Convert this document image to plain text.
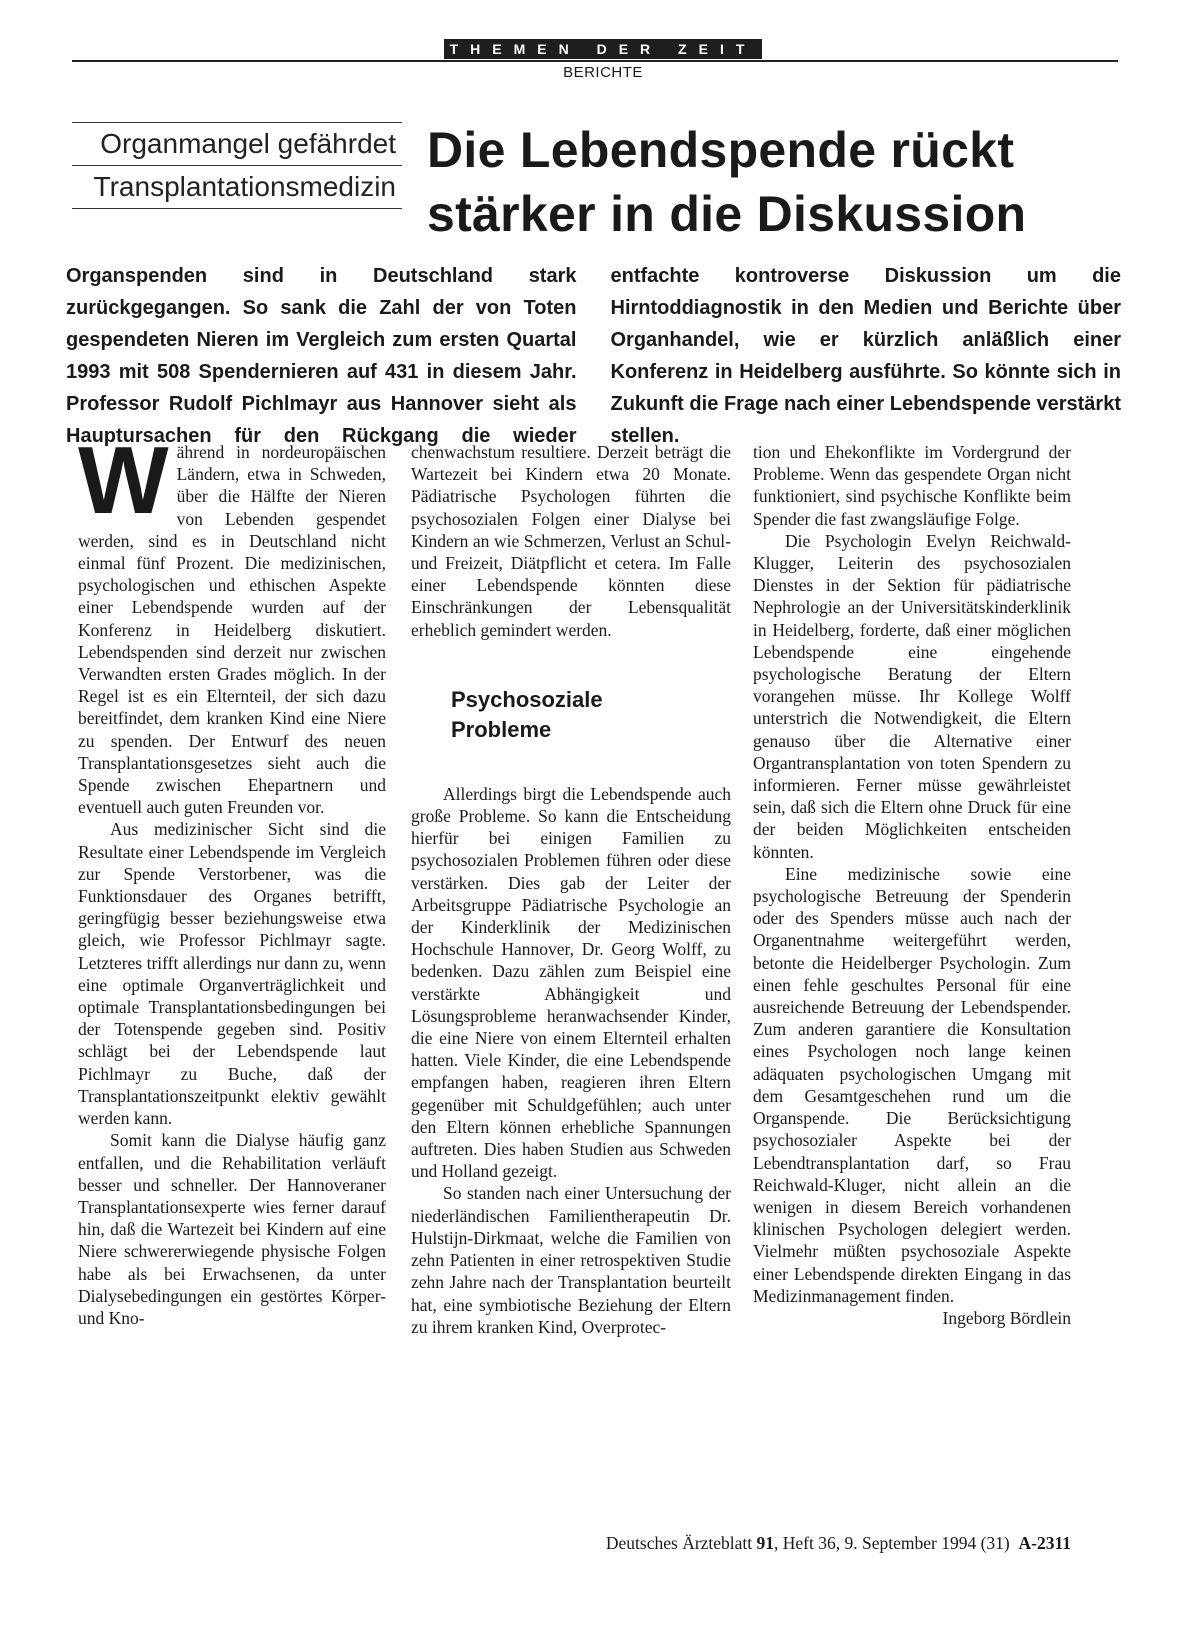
THEMEN DER ZEIT
BERICHTE
Organmangel gefährdet
Transplantationsmedizin
Die Lebendspende rückt
stärker in die Diskussion

Organspenden sind in Deutschland stark zurückgegangen. So sank die Zahl der von Toten gespendeten Nieren im Vergleich zum ersten Quartal 1993 mit 508 Spendernieren auf 431 in diesem Jahr. Professor Rudolf Pichlmayr aus Hannover sieht als Hauptursachen für den Rückgang die wieder entfachte kontroverse Diskussion um die Hirntoddiagnostik in den Medien und Berichte über Organhandel, wie er kürzlich anläßlich einer Konferenz in Heidelberg ausführte. So könnte sich in Zukunft die Frage nach einer Lebendspende verstärkt stellen.

Während in nordeuropäischen Ländern, etwa in Schweden, über die Hälfte der Nieren von Lebenden gespendet werden, sind es in Deutschland nicht einmal fünf Prozent. Die medizinischen, psychologischen und ethischen Aspekte einer Lebendspende wurden auf der Konferenz in Heidelberg diskutiert. Lebendspenden sind derzeit nur zwischen Verwandten ersten Grades möglich. In der Regel ist es ein Elternteil, der sich dazu bereitfindet, dem kranken Kind eine Niere zu spenden. Der Entwurf des neuen Transplantationsgesetzes sieht auch die Spende zwischen Ehepartnern und eventuell auch guten Freunden vor.

Aus medizinischer Sicht sind die Resultate einer Lebendspende im Vergleich zur Spende Verstorbener, was die Funktionsdauer des Organes betrifft, geringfügig besser beziehungsweise etwa gleich, wie Professor Pichlmayr sagte. Letzteres trifft allerdings nur dann zu, wenn eine optimale Organverträglichkeit und optimale Transplantationsbedingungen bei der Totenspende gegeben sind. Positiv schlägt bei der Lebendspende laut Pichlmayr zu Buche, daß der Transplantationszeitpunkt elektiv gewählt werden kann.

Somit kann die Dialyse häufig ganz entfallen, und die Rehabilitation verläuft besser und schneller. Der Hannoveraner Transplantationsexperte wies ferner darauf hin, daß die Wartezeit bei Kindern auf eine Niere schwererwiegende physische Folgen habe als bei Erwachsenen, da unter Dialysebedingungen ein gestörtes Körper- und Kno-

chenwachstum resultiere. Derzeit beträgt die Wartezeit bei Kindern etwa 20 Monate. Pädiatrische Psychologen führten die psychosozialen Folgen einer Dialyse bei Kindern an wie Schmerzen, Verlust an Schul- und Freizeit, Diätpflicht et cetera. Im Falle einer Lebendspende könnten diese Einschränkungen der Lebensqualität erheblich gemindert werden.

Psychosoziale
Probleme

Allerdings birgt die Lebendspende auch große Probleme. So kann die Entscheidung hierfür bei einigen Familien zu psychosozialen Problemen führen oder diese verstärken. Dies gab der Leiter der Arbeitsgruppe Pädiatrische Psychologie an der Kinderklinik der Medizinischen Hochschule Hannover, Dr. Georg Wolff, zu bedenken. Dazu zählen zum Beispiel eine verstärkte Abhängigkeit und Lösungsprobleme heranwachsender Kinder, die eine Niere von einem Elternteil erhalten hatten. Viele Kinder, die eine Lebendspende empfangen haben, reagieren ihren Eltern gegenüber mit Schuldgefühlen; auch unter den Eltern können erhebliche Spannungen auftreten. Dies haben Studien aus Schweden und Holland gezeigt.

So standen nach einer Untersuchung der niederländischen Familientherapeutin Dr. Hulstijn-Dirkmaat, welche die Familien von zehn Patienten in einer retrospektiven Studie zehn Jahre nach der Transplantation beurteilt hat, eine symbiotische Beziehung der Eltern zu ihrem kranken Kind, Overprotec-

tion und Ehekonflikte im Vordergrund der Probleme. Wenn das gespendete Organ nicht funktioniert, sind psychische Konflikte beim Spender die fast zwangsläufige Folge.

Die Psychologin Evelyn Reichwald-Klugger, Leiterin des psychosozialen Dienstes in der Sektion für pädiatrische Nephrologie an der Universitätskinderklinik in Heidelberg, forderte, daß einer möglichen Lebendspende eine eingehende psychologische Beratung der Eltern vorangehen müsse. Ihr Kollege Wolff unterstrich die Notwendigkeit, die Eltern genauso über die Alternative einer Organtransplantation von toten Spendern zu informieren. Ferner müsse gewährleistet sein, daß sich die Eltern ohne Druck für eine der beiden Möglichkeiten entscheiden könnten.

Eine medizinische sowie eine psychologische Betreuung der Spenderin oder des Spenders müsse auch nach der Organentnahme weitergeführt werden, betonte die Heidelberger Psychologin. Zum einen fehle geschultes Personal für eine ausreichende Betreuung der Lebendspender. Zum anderen garantiere die Konsultation eines Psychologen noch lange keinen adäquaten psychologischen Umgang mit dem Gesamtgeschehen rund um die Organspende. Die Berücksichtigung psychosozialer Aspekte bei der Lebendtransplantation darf, so Frau Reichwald-Kluger, nicht allein an die wenigen in diesem Bereich vorhandenen klinischen Psychologen delegiert werden. Vielmehr müßten psychosoziale Aspekte einer Lebendspende direkten Eingang in das Medizinmanagement finden.

Ingeborg Bördlein

Deutsches Ärzteblatt 91, Heft 36, 9. September 1994 (31) A-2311
